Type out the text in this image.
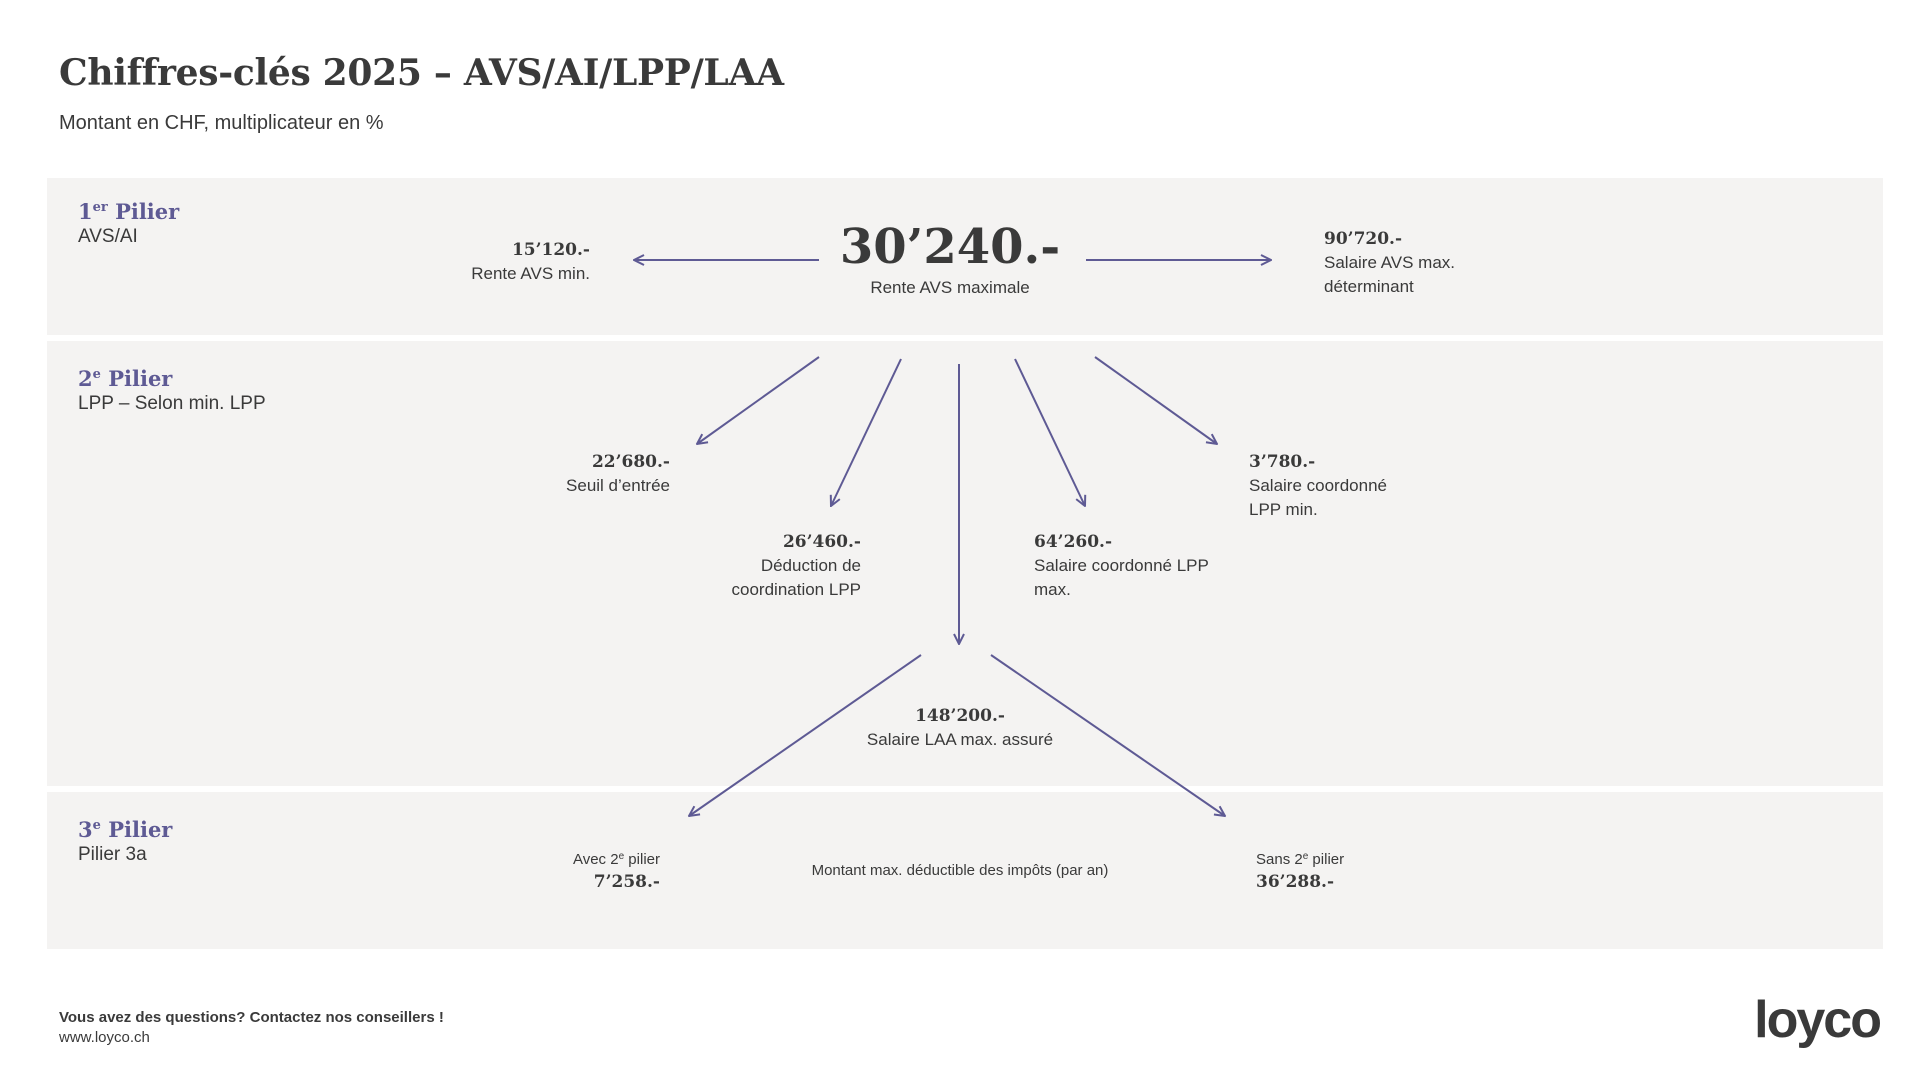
Chiffres-clés 2025 – AVS/AI/LPP/LAA
Montant en CHF, multiplicateur en %
1er Pilier
AVS/AI
2e Pilier
LPP – Selon min. LPP
3e Pilier
Pilier 3a
30’240.-
Rente AVS maximale
15’120.-
Rente AVS min.
90’720.-
Salaire AVS max.
déterminant
22’680.-
Seuil d’entrée
26’460.-
Déduction de
coordination LPP
64’260.-
Salaire coordonné LPP
max.
3’780.-
Salaire coordonné
LPP min.
148’200.-
Salaire LAA max. assuré
Avec 2e pilier
7’258.-
Montant max. déductible des impôts (par an)
Sans 2e pilier
36’288.-
Vous avez des questions? Contactez nos conseillers !
www.loyco.ch	loyco
